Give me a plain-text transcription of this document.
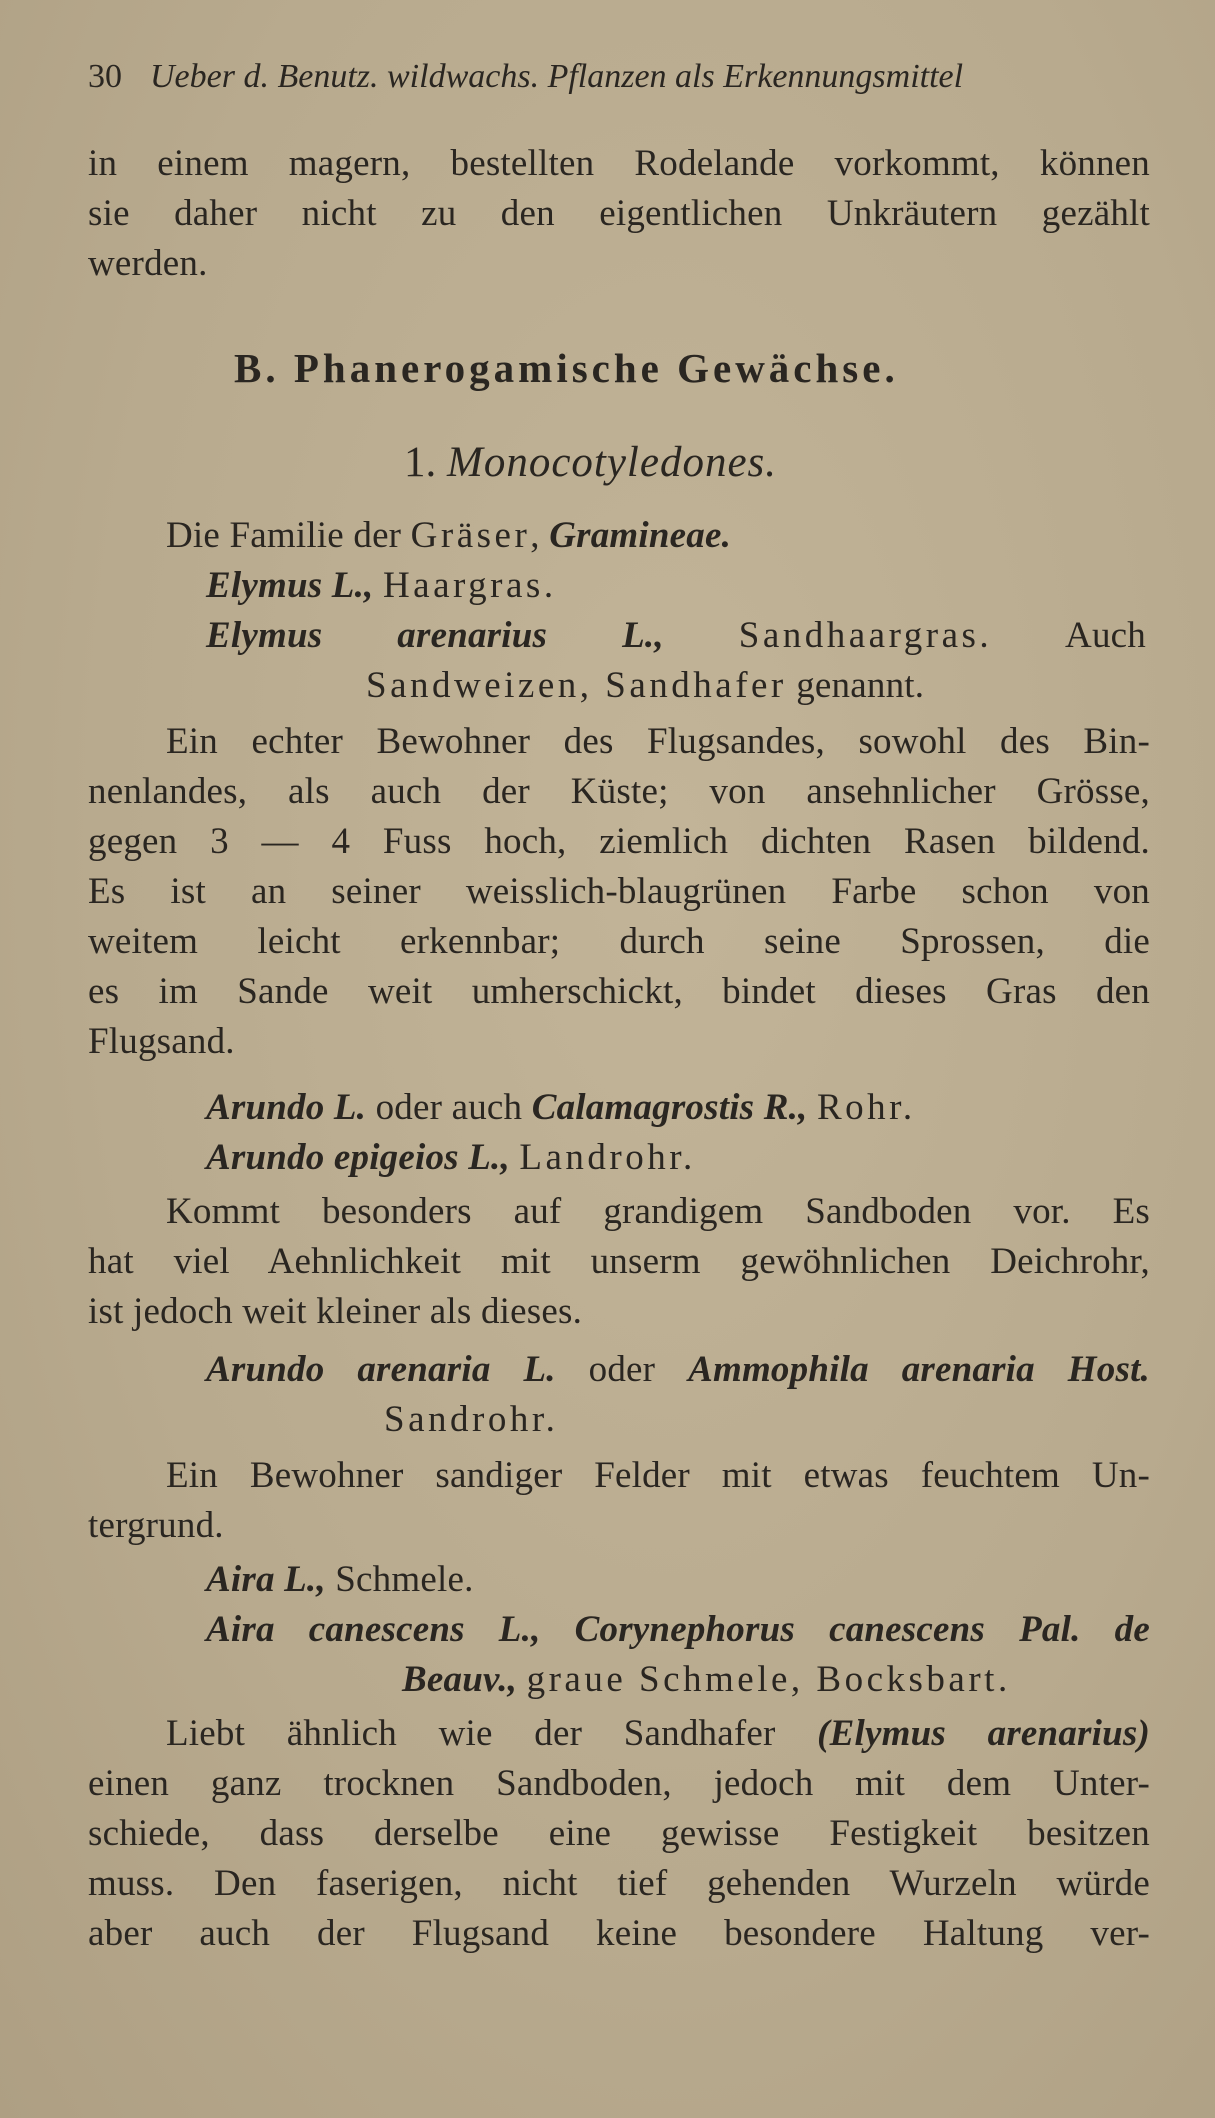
30 Ueber d. Benutz. wildwachs. Pflanzen als Erkennungsmittel
in einem magern, bestellten Rodelande vorkommt, können
sie daher nicht zu den eigentlichen Unkräutern gezählt
werden.
B. Phanerogamische Gewächse.
1. Monocotyledones.
Die Familie der Gräser, Gramineae.
Elymus L., Haargras.
Elymus arenarius L., Sandhaargras. Auch
Sandweizen, Sandhafer genannt.
Ein echter Bewohner des Flugsandes, sowohl des Bin-
nenlandes, als auch der Küste; von ansehnlicher Grösse,
gegen 3 — 4 Fuss hoch, ziemlich dichten Rasen bildend.
Es ist an seiner weisslich-blaugrünen Farbe schon von
weitem leicht erkennbar; durch seine Sprossen, die
es im Sande weit umherschickt, bindet dieses Gras den
Flugsand.
Arundo L. oder auch Calamagrostis R., Rohr.
Arundo epigeios L., Landrohr.
Kommt besonders auf grandigem Sandboden vor. Es
hat viel Aehnlichkeit mit unserm gewöhnlichen Deichrohr,
ist jedoch weit kleiner als dieses.
Arundo arenaria L. oder Ammophila arenaria Host.
Sandrohr.
Ein Bewohner sandiger Felder mit etwas feuchtem Un-
tergrund.
Aira L., Schmele.
Aira canescens L., Corynephorus canescens Pal. de
Beauv., graue Schmele, Bocksbart.
Liebt ähnlich wie der Sandhafer (Elymus arenarius)
einen ganz trocknen Sandboden, jedoch mit dem Unter-
schiede, dass derselbe eine gewisse Festigkeit besitzen
muss. Den faserigen, nicht tief gehenden Wurzeln würde
aber auch der Flugsand keine besondere Haltung ver-
